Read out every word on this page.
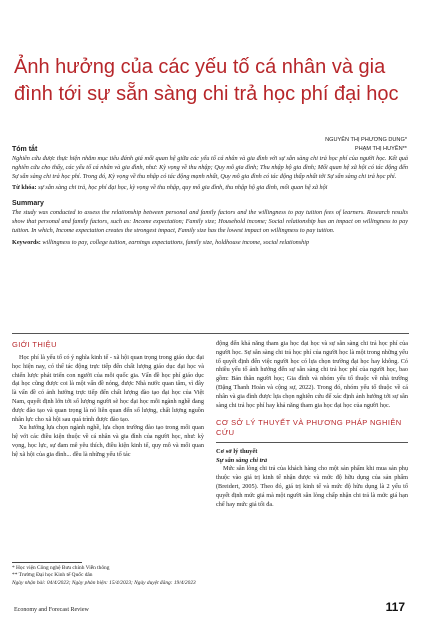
Ảnh hưởng của các yếu tố cá nhân và gia đình tới sự sẵn sàng chi trả học phí đại học
NGUYỄN THỊ PHƯƠNG DUNG*
PHẠM THỊ HUYỀN**

Tóm tắt

Nghiên cứu được thực hiện nhằm mục tiêu đánh giá mối quan hệ giữa các yếu tố cá nhân và gia đình với sự sẵn sàng chi trả học phí của người học. Kết quả nghiên cứu cho thấy, các yếu tố cá nhân và gia đình, như: Kỳ vọng về thu nhập; Quy mô gia đình; Thu nhập hộ gia đình; Mối quan hệ xã hội có tác động đến Sự sẵn sàng chi trả học phí. Trong đó, Kỳ vọng về thu nhập có tác động mạnh nhất, Quy mô gia đình có tác động thấp nhất tới Sự sẵn sàng chi trả học phí.

Từ khóa: sự sẵn sàng chi trả, học phí đại học, kỳ vọng về thu nhập, quy mô gia đình, thu nhập hộ gia đình, mối quan hệ xã hội

Summary

The study was conducted to assess the relationship between personal and family factors and the willingness to pay tuition fees of learners. Research results show that personal and family factors, such as: Income expectation; Family size; Household income; Social relationship has an impact on willingness to pay tuition. In which, Income expectation creates the strongest impact, Family size has the lowest impact on willingness to pay tuition.

Keywords: willingness to pay, college tuition, earnings expectations, family size, holdhouse income, social relationship

GIỚI THIỆU

Học phí là yếu tố có ý nghĩa kinh tế - xã hội quan trọng trong giáo dục đại học hiện nay, có thể tác động trực tiếp đến chất lượng giáo dục đại học và chiến lược phát triển con người của mỗi quốc gia. Vấn đề học phí giáo dục đại học cũng được coi là một vấn đề nóng, được Nhà nước quan tâm, vì đây là vấn đề có ảnh hưởng trực tiếp đến chất lượng đào tạo đại học của Việt Nam, quyết định lớn tới số lượng người sẽ học đại học mỗi ngành nghề đang được đào tạo và quan trọng là nó liên quan đến số lượng, chất lượng nguồn nhân lực cho xã hội sau quá trình được đào tạo.

Xu hướng lựa chọn ngành nghề, lựa chọn trường đào tạo trong mối quan hệ với các điều kiện thuộc về cá nhân và gia đình của người học, như: kỳ vọng, học lực, sự đam mê yêu thích, điều kiện kinh tế, quy mô và mối quan hệ xã hội của gia đình... đều là những yếu tố tác

động đến khả năng tham gia học đại học và sự sẵn sàng chi trả học phí của người học. Sự sẵn sàng chi trả học phí của người học là một trong những yếu tố quyết định đến việc người học có lựa chọn trường đại học hay không. Có nhiều yếu tố ảnh hưởng đến sự sẵn sàng chi trả học phí của người học, bao gồm: Bản thân người học; Gia đình và nhóm yếu tố thuộc về nhà trường (Đặng Thanh Hoàn và cộng sự, 2022). Trong đó, nhóm yếu tố thuộc về cá nhân và gia đình được lựa chọn nghiên cứu để xác định ảnh hưởng tới sự sẵn sàng chi trả học phí hay khả năng tham gia học đại học của người học.

CƠ SỞ LÝ THUYẾT VÀ PHƯƠNG PHÁP NGHIÊN CỨU
Cơ sở lý thuyết
Sự sẵn sàng chi trả

Mức sẵn lòng chi trả của khách hàng cho một sản phẩm khi mua sản phụ thuộc vào giá trị kinh tế nhận được và mức độ hữu dụng của sản phẩm (Breidert, 2005). Theo đó, giá trị kinh tế và mức độ hữu dụng là 2 yếu tố quyết định mức giá mà một người sẵn lòng chấp nhận chi trả là mức giá hạn chế hay mức giá tối đa.

* Học viện Công nghệ Bưu chính Viễn thông
** Trường Đại học Kinh tế Quốc dân
Ngày nhận bài: 04/4/2023; Ngày phản biện: 15/4/2023; Ngày duyệt đăng: 19/4/2023
Economy and Forecast Review	117
